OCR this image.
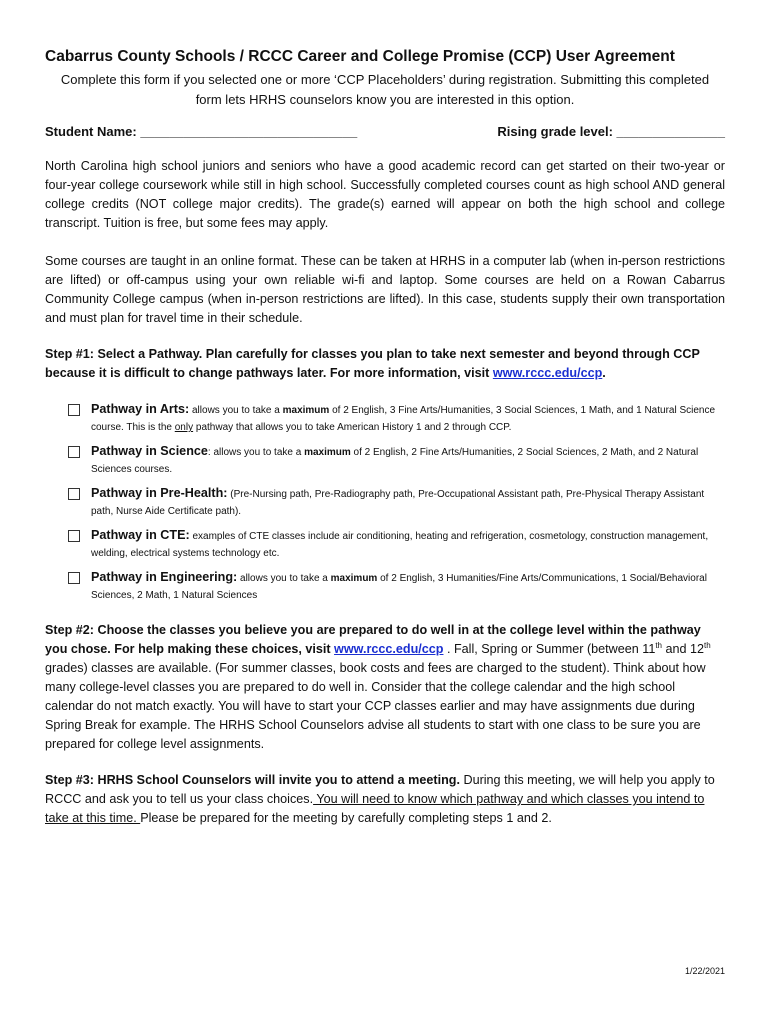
Cabarrus County Schools / RCCC Career and College Promise (CCP) User Agreement

Complete this form if you selected one or more ‘CCP Placeholders’ during registration. Submitting this completed form lets HRHS counselors know you are interested in this option.

Student Name: ______________________________	Rising grade level: _______________

North Carolina high school juniors and seniors who have a good academic record can get started on their two-year or four-year college coursework while still in high school. Successfully completed courses count as high school AND general college credits (NOT college major credits). The grade(s) earned will appear on both the high school and college transcript. Tuition is free, but some fees may apply.

Some courses are taught in an online format. These can be taken at HRHS in a computer lab (when in-person restrictions are lifted) or off-campus using your own reliable wi-fi and laptop. Some courses are held on a Rowan Cabarrus Community College campus (when in-person restrictions are lifted). In this case, students supply their own transportation and must plan for travel time in their schedule.

Step #1: Select a Pathway. Plan carefully for classes you plan to take next semester and beyond through CCP because it is difficult to change pathways later. For more information, visit www.rccc.edu/ccp.
Pathway in Arts: allows you to take a maximum of 2 English, 3 Fine Arts/Humanities, 3 Social Sciences, 1 Math, and 1 Natural Science course. This is the only pathway that allows you to take American History 1 and 2 through CCP.
Pathway in Science: allows you to take a maximum of 2 English, 2 Fine Arts/Humanities, 2 Social Sciences, 2 Math, and 2 Natural Sciences courses.
Pathway in Pre-Health: (Pre-Nursing path, Pre-Radiography path, Pre-Occupational Assistant path, Pre-Physical Therapy Assistant path, Nurse Aide Certificate path).
Pathway in CTE: examples of CTE classes include air conditioning, heating and refrigeration, cosmetology, construction management, welding, electrical systems technology etc.
Pathway in Engineering: allows you to take a maximum of 2 English, 3 Humanities/Fine Arts/Communications, 1 Social/Behavioral Sciences, 2 Math, 1 Natural Sciences
Step #2: Choose the classes you believe you are prepared to do well in at the college level within the pathway you chose. For help making these choices, visit www.rccc.edu/ccp . Fall, Spring or Summer (between 11th and 12th grades) classes are available. (For summer classes, book costs and fees are charged to the student). Think about how many college-level classes you are prepared to do well in. Consider that the college calendar and the high school calendar do not match exactly. You will have to start your CCP classes earlier and may have assignments due during Spring Break for example. The HRHS School Counselors advise all students to start with one class to be sure you are prepared for college level assignments.
Step #3: HRHS School Counselors will invite you to attend a meeting. During this meeting, we will help you apply to RCCC and ask you to tell us your class choices. You will need to know which pathway and which classes you intend to take at this time. Please be prepared for the meeting by carefully completing steps 1 and 2.
1/22/2021
